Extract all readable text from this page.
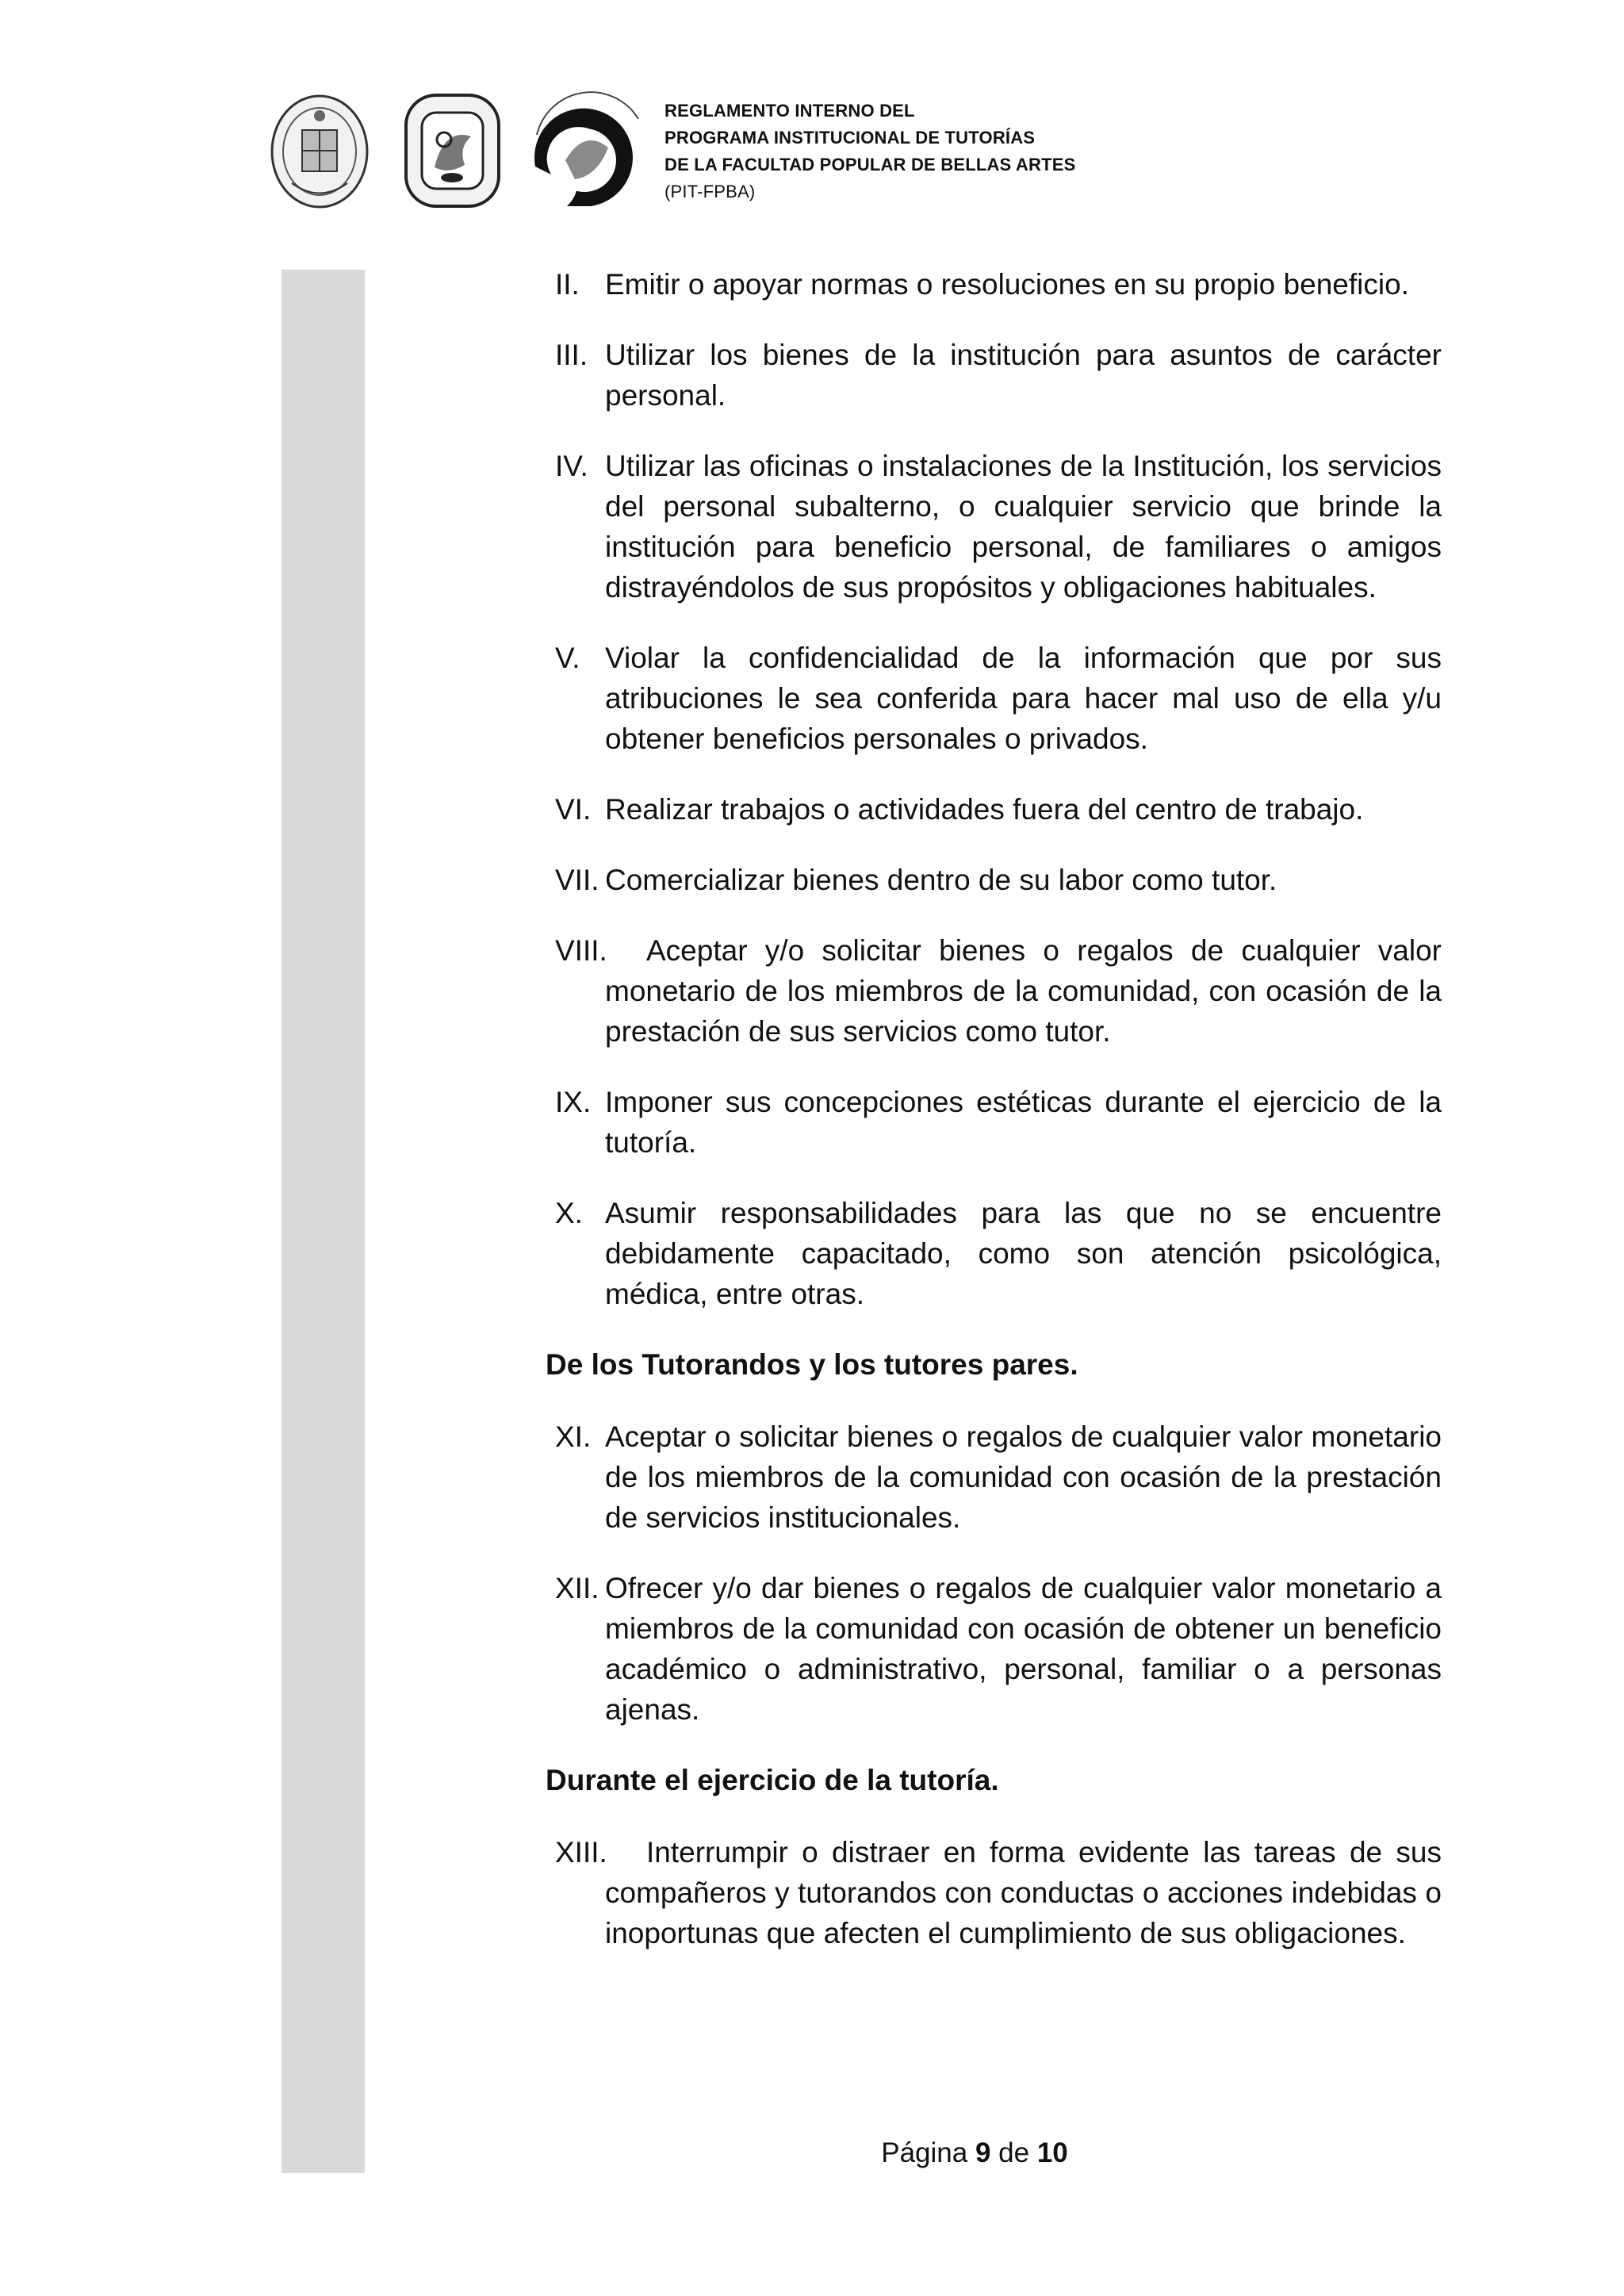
REGLAMENTO INTERNO DEL
PROGRAMA INSTITUCIONAL DE TUTORÍAS
DE LA FACULTAD POPULAR DE BELLAS ARTES
(PIT-FPBA)
II. Emitir o apoyar normas o resoluciones en su propio beneficio.
III. Utilizar los bienes de la institución para asuntos de carácter personal.
IV. Utilizar las oficinas o instalaciones de la Institución, los servicios del personal subalterno, o cualquier servicio que brinde la institución para beneficio personal, de familiares o amigos distrayéndolos de sus propósitos y obligaciones habituales.
V. Violar la confidencialidad de la información que por sus atribuciones le sea conferida para hacer mal uso de ella y/u obtener beneficios personales o privados.
VI. Realizar trabajos o actividades fuera del centro de trabajo.
VII. Comercializar bienes dentro de su labor como tutor.
VIII.	Aceptar y/o solicitar bienes o regalos de cualquier valor monetario de los miembros de la comunidad, con ocasión de la prestación de sus servicios como tutor.
IX. Imponer sus concepciones estéticas durante el ejercicio de la tutoría.
X. Asumir responsabilidades para las que no se encuentre debidamente capacitado, como son atención psicológica, médica, entre otras.
De los Tutorandos y los tutores pares.
XI. Aceptar o solicitar bienes o regalos de cualquier valor monetario de los miembros de la comunidad con ocasión de la prestación de servicios institucionales.
XII. Ofrecer y/o dar bienes o regalos de cualquier valor monetario a miembros de la comunidad con ocasión de obtener un beneficio académico o administrativo, personal, familiar o a personas ajenas.
Durante el ejercicio de la tutoría.
XIII.	Interrumpir o distraer en forma evidente las tareas de sus compañeros y tutorandos con conductas o acciones indebidas o inoportunas que afecten el cumplimiento de sus obligaciones.
Página 9 de 10
